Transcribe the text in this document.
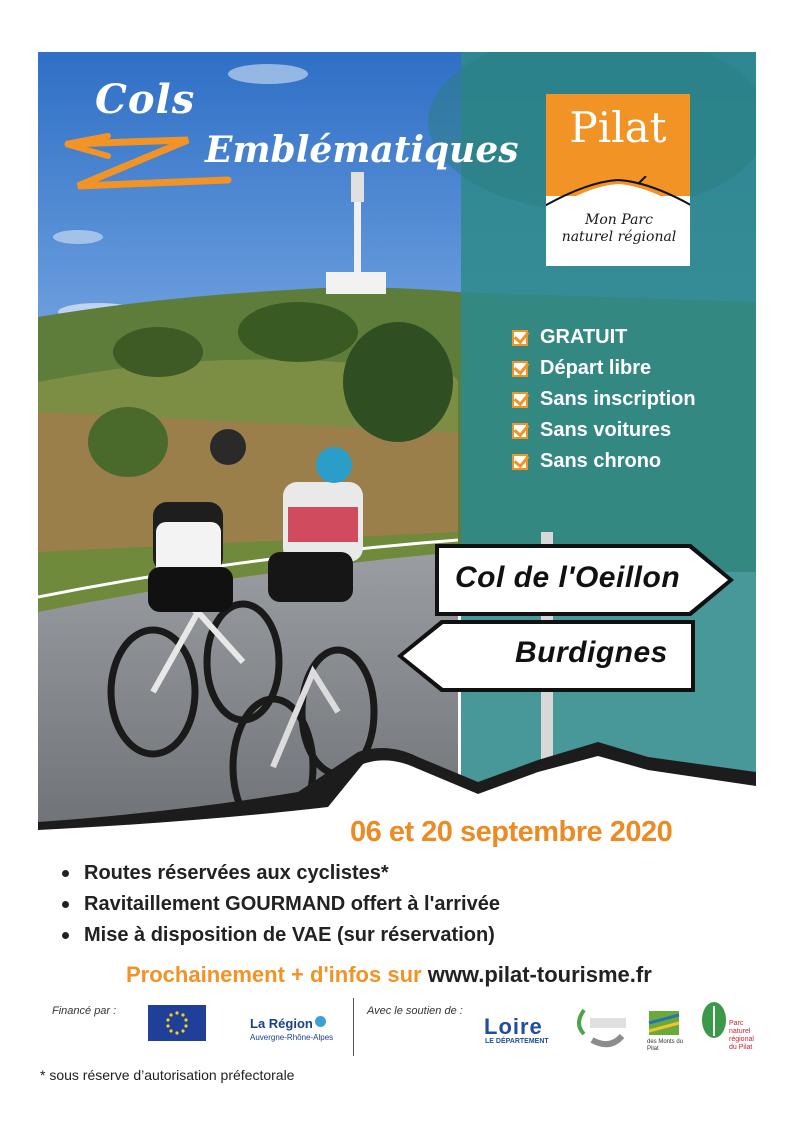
Pilat
Mon Parc
naturel régional
Cols
Emblématiques
GRATUIT
Départ libre
Sans inscription
Sans voitures
Sans chrono
Col de l'Oeillon
Burdignes
06 et 20 septembre 2020
Routes réservées aux cyclistes*
Ravitaillement GOURMAND offert à l'arrivée
Mise à disposition de VAE (sur réservation)
Prochainement + d'infos sur www.pilat-tourisme.fr
Financé par :
La Région
Auvergne-Rhône-Alpes
Avec le soutien de :
Loire
LE DÉPARTEMENT	des Monts du Pilat
Parc naturel régional du Pilat
* sous réserve d’autorisation préfectorale
